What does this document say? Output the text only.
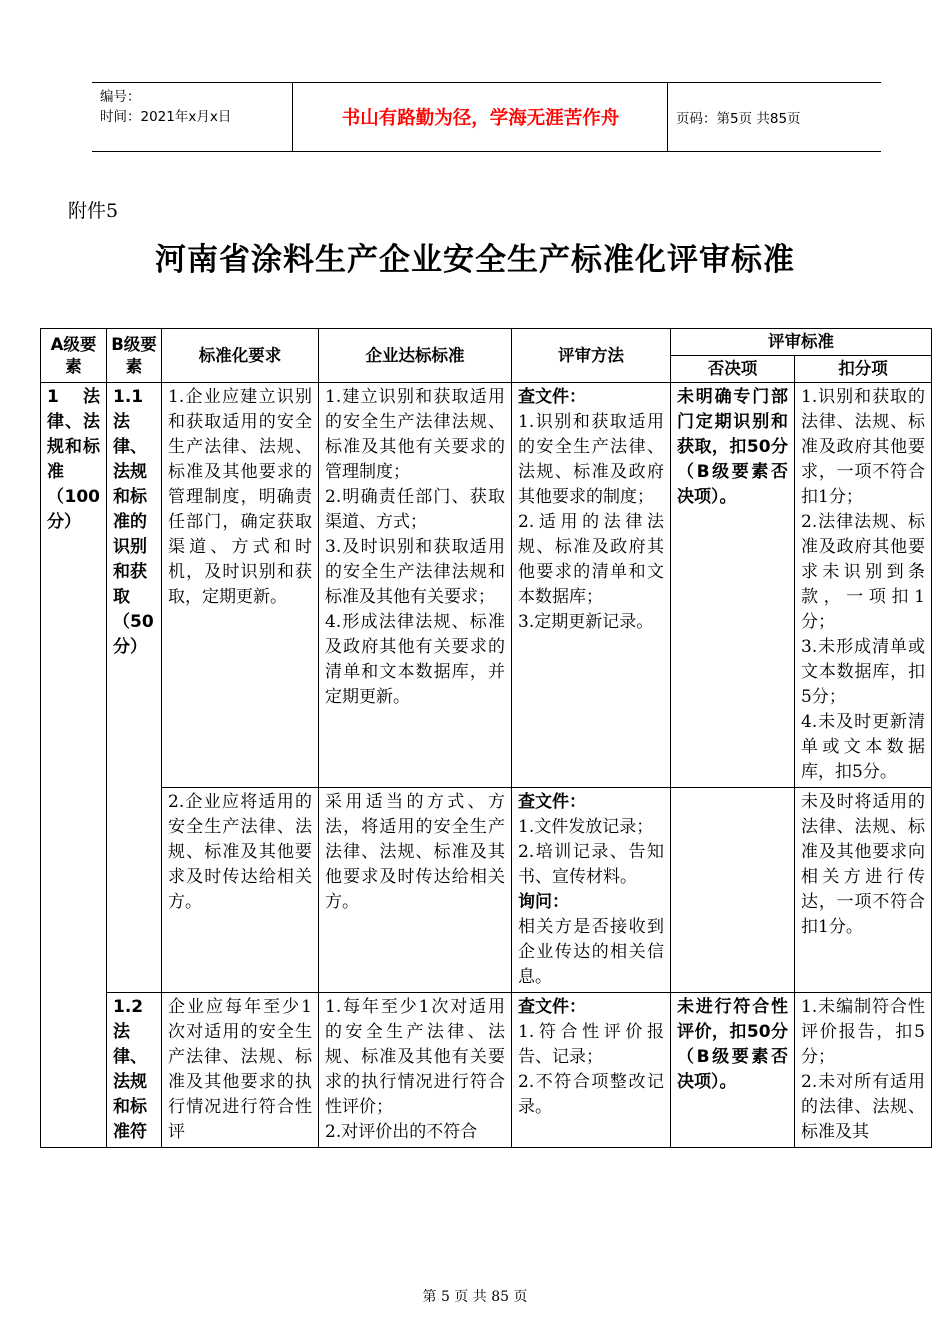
编号：
时间：2021年x月x日	书山有路勤为径，学海无涯苦作舟	页码：第5页 共85页
附件5
河南省涂料生产企业安全生产标准化评审标准
A级要素	B级要素	标准化要求	企业达标标准	评审方法	评审标准	
					否决项	扣分项
1 法律、法规和标准（100分）	1.1 法律、法规和标准的识别和获取（50分）	1.企业应建立识别和获取适用的安全生产法律、法规、标准及其他要求的管理制度，明确责任部门，确定获取渠道、方式和时机，及时识别和获取，定期更新。	1.建立识别和获取适用的安全生产法律法规、标准及其他有关要求的管理制度；
2.明确责任部门、获取渠道、方式；
3.及时识别和获取适用的安全生产法律法规和标准及其他有关要求；
4.形成法律法规、标准及政府其他有关要求的清单和文本数据库，并定期更新。	查文件：
1.识别和获取适用的安全生产法律、法规、标准及政府其他要求的制度；
2.适用的法律法规、标准及政府其他要求的清单和文本数据库；
3.定期更新记录。	未明确专门部门定期识别和获取，扣50分（B级要素否决项）。	1.识别和获取的法律、法规、标准及政府其他要求，一项不符合扣1分；
2.法律法规、标准及政府其他要求未识别到条款，一项扣1分；
3.未形成清单或文本数据库，扣5分；
4.未及时更新清单或文本数据库，扣5分。

		2.企业应将适用的安全生产法律、法规、标准及其他要求及时传达给相关方。	采用适当的方式、方法，将适用的安全生产法律、法规、标准及其他要求及时传达给相关方。	查文件：
1.文件发放记录；
2.培训记录、告知书、宣传材料。
询问：
相关方是否接收到企业传达的相关信息。		未及时将适用的法律、法规、标准及其他要求向相关方进行传达，一项不符合扣1分。

	1.2 法律、法规和标准符	企业应每年至少1次对适用的安全生产法律、法规、标准及其他要求的执行情况进行符合性评	1.每年至少1次对适用的安全生产法律、法规、标准及其他有关要求的执行情况进行符合性评价；
2.对评价出的不符合	查文件：
1.符合性评价报告、记录；
2.不符合项整改记录。	未进行符合性评价，扣50分（B级要素否决项）。	1.未编制符合性评价报告，扣5分；
2.未对所有适用的法律、法规、标准及其
第 5 页 共 85 页
